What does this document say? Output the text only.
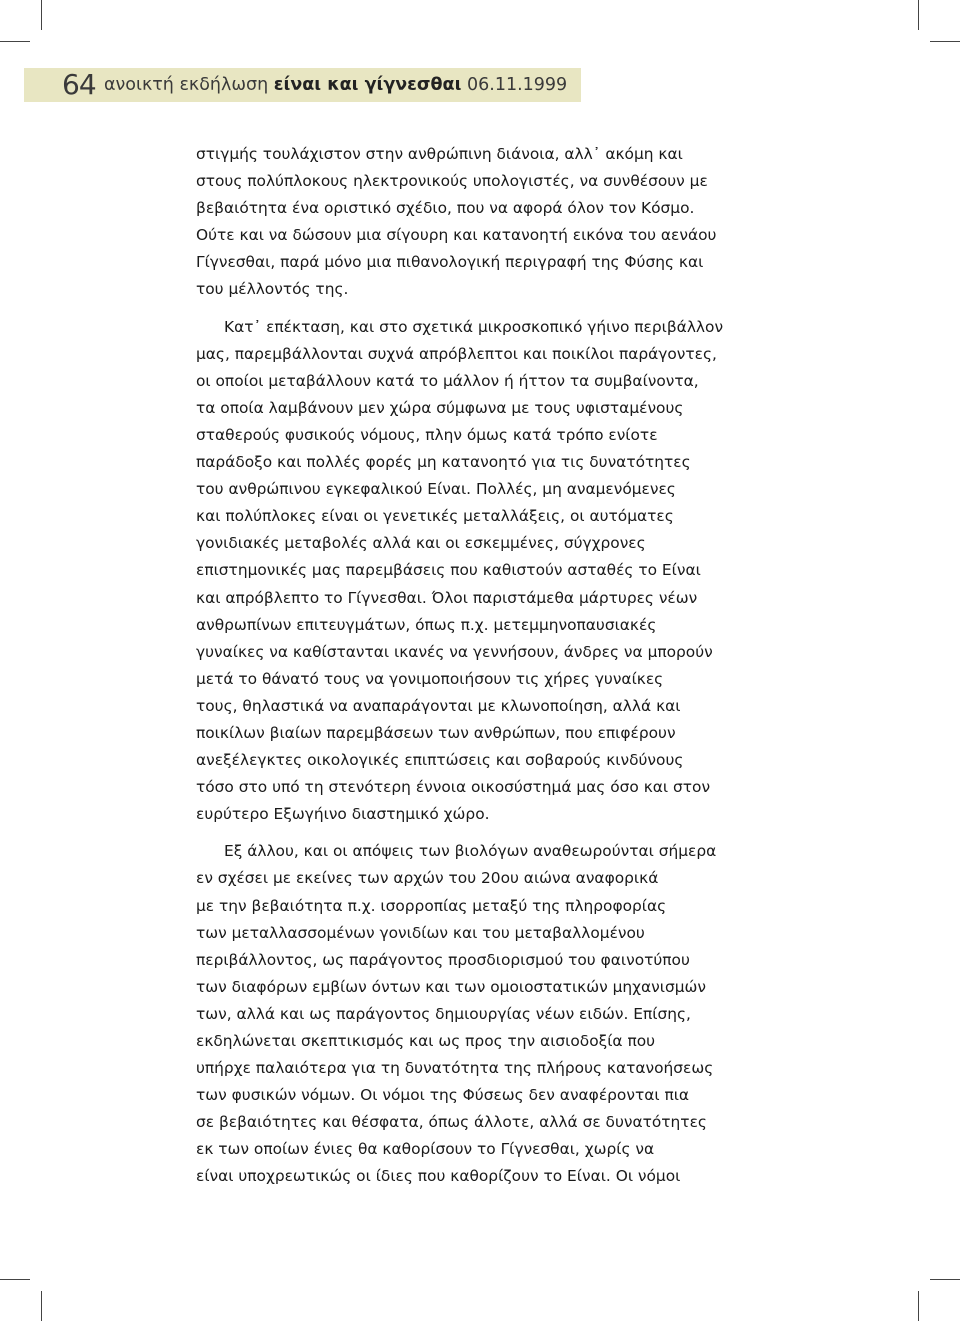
64 ανοικτή εκδήλωση είναι και γίγνεσθαι 06.11.1999
στιγμής τουλάχιστον στην ανθρώπινη διάνοια, αλλ᾽ ακόμη και
στους πολύπλοκους ηλεκτρονικούς υπολογιστές, να συνθέσουν με
βεβαιότητα ένα οριστικό σχέδιο, που να αφορά όλον τον Κόσμο.
Ούτε και να δώσουν μια σίγουρη και κατανοητή εικόνα του αενάου
Γίγνεσθαι, παρά μόνο μια πιθανολογική περιγραφή της Φύσης και
του μέλλοντός της.
Κατ᾽ επέκταση, και στο σχετικά μικροσκοπικό γήινο περιβάλλον
μας, παρεμβάλλονται συχνά απρόβλεπτοι και ποικίλοι παράγοντες,
οι οποίοι μεταβάλλουν κατά το μάλλον ή ήττον τα συμβαίνοντα,
τα οποία λαμβάνουν μεν χώρα σύμφωνα με τους υφισταμένους
σταθερούς φυσικούς νόμους, πλην όμως κατά τρόπο ενίοτε
παράδοξο και πολλές φορές μη κατανοητό για τις δυνατότητες
του ανθρώπινου εγκεφαλικού Είναι. Πολλές, μη αναμενόμενες
και πολύπλοκες είναι οι γενετικές μεταλλάξεις, οι αυτόματες
γονιδιακές μεταβολές αλλά και οι εσκεμμένες, σύγχρονες
επιστημονικές μας παρεμβάσεις που καθιστούν ασταθές το Είναι
και απρόβλεπτο το Γίγνεσθαι. Όλοι παριστάμεθα μάρτυρες νέων
ανθρωπίνων επιτευγμάτων, όπως π.χ. μετεμμηνοπαυσιακές
γυναίκες να καθίστανται ικανές να γεννήσουν, άνδρες να μπορούν
μετά το θάνατό τους να γονιμοποιήσουν τις χήρες γυναίκες
τους, θηλαστικά να αναπαράγονται με κλωνοποίηση, αλλά και
ποικίλων βιαίων παρεμβάσεων των ανθρώπων, που επιφέρουν
ανεξέλεγκτες οικολογικές επιπτώσεις και σοβαρούς κινδύνους
τόσο στο υπό τη στενότερη έννοια οικοσύστημά μας όσο και στον
ευρύτερο Εξωγήινο διαστημικό χώρο.
Εξ άλλου, και οι απόψεις των βιολόγων αναθεωρούνται σήμερα
εν σχέσει με εκείνες των αρχών του 20ου αιώνα αναφορικά
με την βεβαιότητα π.χ. ισορροπίας μεταξύ της πληροφορίας
των μεταλλασσομένων γονιδίων και του μεταβαλλομένου
περιβάλλοντος, ως παράγοντος προσδιορισμού του φαινοτύπου
των διαφόρων εμβίων όντων και των ομοιοστατικών μηχανισμών
των, αλλά και ως παράγοντος δημιουργίας νέων ειδών. Επίσης,
εκδηλώνεται σκεπτικισμός και ως προς την αισιοδοξία που
υπήρχε παλαιότερα για τη δυνατότητα της πλήρους κατανοήσεως
των φυσικών νόμων. Οι νόμοι της Φύσεως δεν αναφέρονται πια
σε βεβαιότητες και θέσφατα, όπως άλλοτε, αλλά σε δυνατότητες
εκ των οποίων ένιες θα καθορίσουν το Γίγνεσθαι, χωρίς να
είναι υποχρεωτικώς οι ίδιες που καθορίζουν το Είναι. Οι νόμοι
